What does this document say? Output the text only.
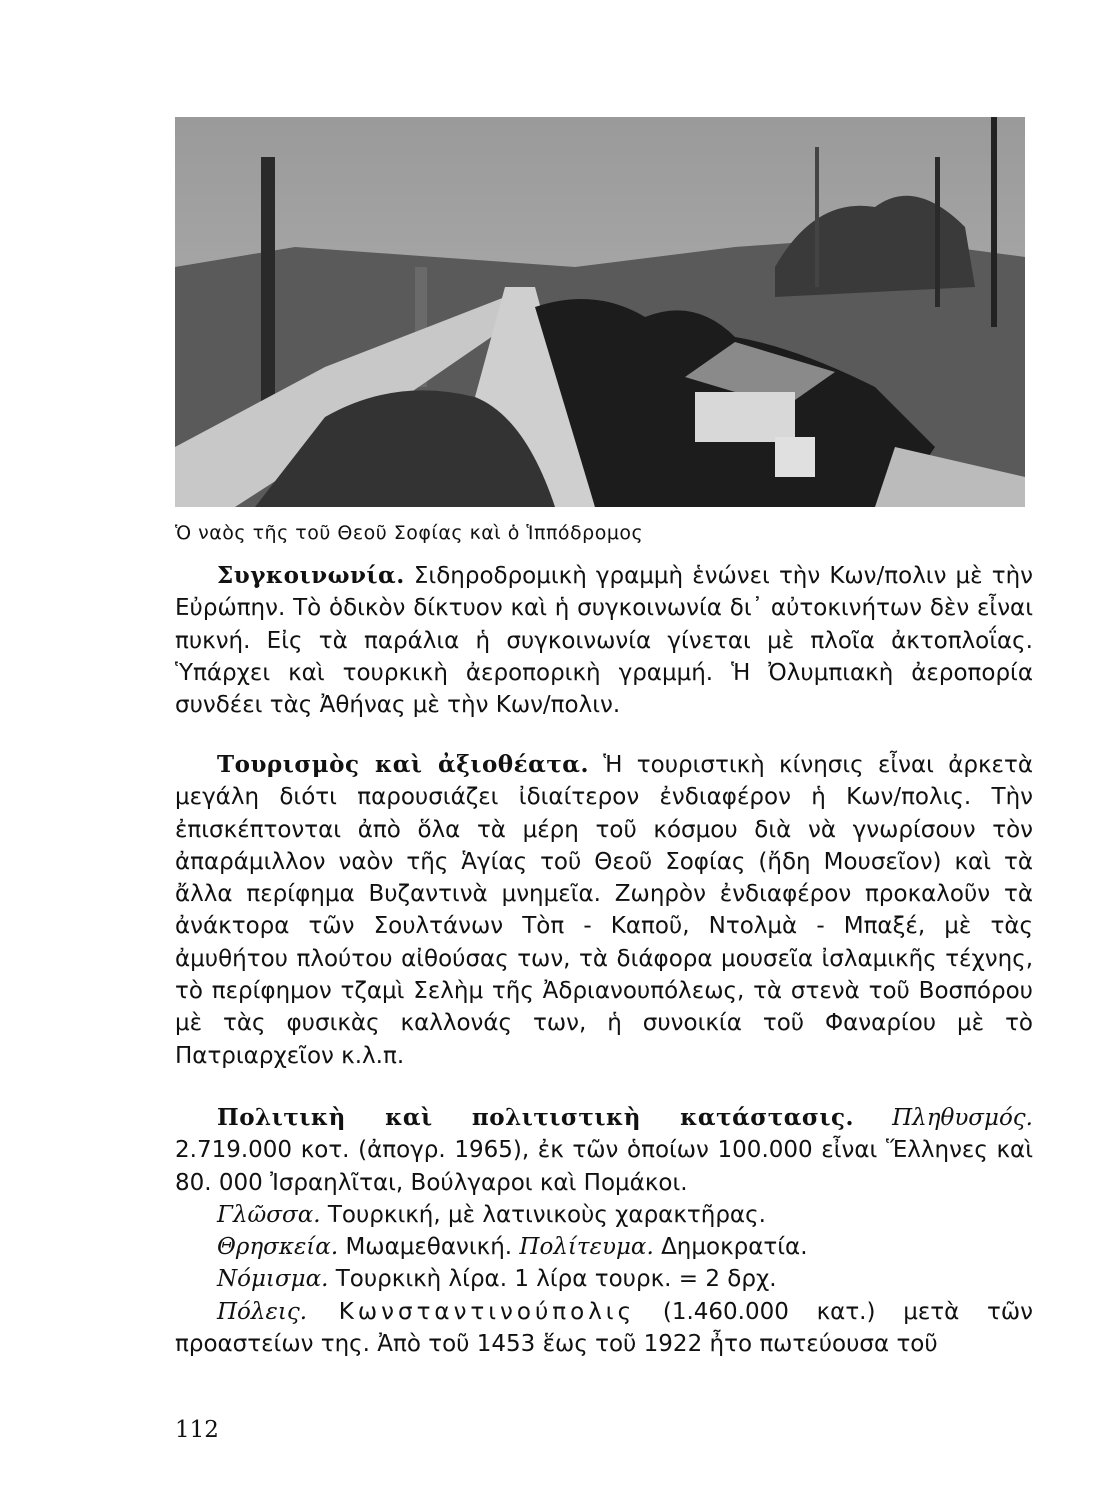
Ὁ ναὸς τῆς τοῦ Θεοῦ Σοφίας καὶ ὁ Ἱππόδρομος

Συγκοινωνία. Σιδηροδρομικὴ γραμμὴ ἑνώνει τὴν Κων/πολιν μὲ τὴν Εὐρώπην. Τὸ ὁδικὸν δίκτυον καὶ ἡ συγκοινωνία δι᾽ αὐτοκινήτων δὲν εἶναι πυκνή. Εἰς τὰ παράλια ἡ συγκοινωνία γίνεται μὲ πλοῖα ἀκτοπλοΐας. Ὑπάρχει καὶ τουρκικὴ ἀεροπορικὴ γραμμή. Ἡ Ὀλυμπιακὴ ἀεροπορία συνδέει τὰς Ἀθήνας μὲ τὴν Κων/πολιν.

Τουρισμὸς καὶ ἀξιοθέατα. Ἡ τουριστικὴ κίνησις εἶναι ἀρκετὰ μεγάλη διότι παρουσιάζει ἰδιαίτερον ἐνδιαφέρον ἡ Κων/πολις. Τὴν ἐπισκέπτονται ἀπὸ ὅλα τὰ μέρη τοῦ κόσμου διὰ νὰ γνωρίσουν τὸν ἀπαράμιλλον ναὸν τῆς Ἁγίας τοῦ Θεοῦ Σοφίας (ἤδη Μουσεῖον) καὶ τὰ ἄλλα περίφημα Βυζαντινὰ μνημεῖα. Ζωηρὸν ἐνδιαφέρον προκαλοῦν τὰ ἀνάκτορα τῶν Σουλτάνων Τὸπ - Καποῦ, Ντολμὰ - Μπαξέ, μὲ τὰς ἀμυθήτου πλούτου αἰθούσας των, τὰ διάφορα μουσεῖα ἰσλαμικῆς τέχνης, τὸ περίφημον τζαμὶ Σελὴμ τῆς Ἀδριανουπόλεως, τὰ στενὰ τοῦ Βοσπόρου μὲ τὰς φυσικὰς καλλονάς των, ἡ συνοικία τοῦ Φαναρίου μὲ τὸ Πατριαρχεῖον κ.λ.π.

Πολιτικὴ καὶ πολιτιστικὴ κατάστασις. Πληθυσμός. 2.719.000 κοτ. (ἀπογρ. 1965), ἐκ τῶν ὁποίων 100.000 εἶναι Ἕλληνες καὶ 80. 000 Ἰσραηλῖται, Βούλγαροι καὶ Πομάκοι.

Γλῶσσα. Τουρκική, μὲ λατινικοὺς χαρακτῆρας.

Θρησκεία. Μωαμεθανική. Πολίτευμα. Δημοκρατία.

Νόμισμα. Τουρκικὴ λίρα. 1 λίρα τουρκ. = 2 δρχ.

Πόλεις. Κωνσταντινούπολις (1.460.000 κατ.) μετὰ τῶν προαστείων της. Ἀπὸ τοῦ 1453 ἕως τοῦ 1922 ἦτο πωτεύουσα τοῦ

112
